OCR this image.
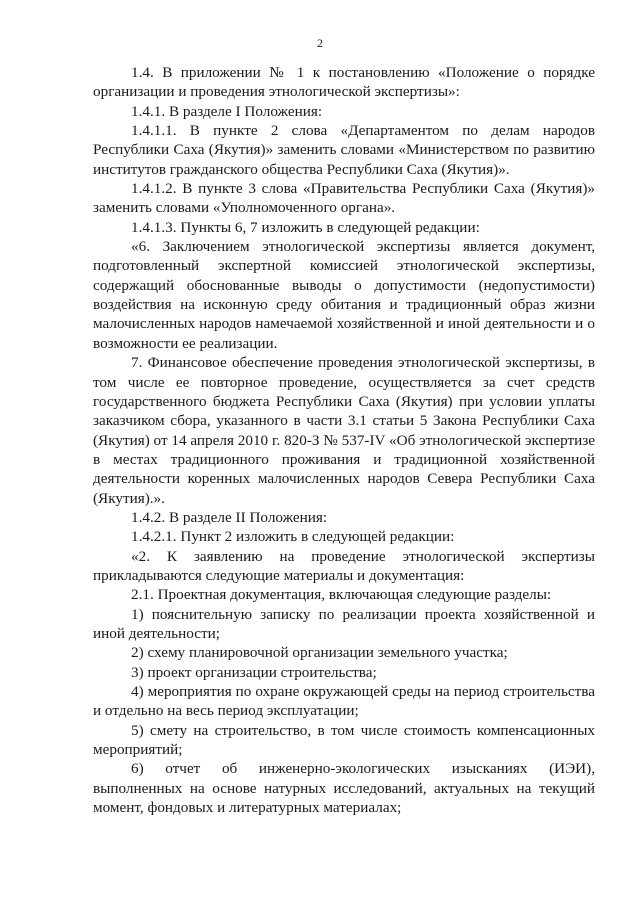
2

1.4. В приложении № 1 к постановлению «Положение о порядке организации и проведения этнологической экспертизы»:

1.4.1. В разделе I Положения:

1.4.1.1. В пункте 2 слова «Департаментом по делам народов Республики Саха (Якутия)» заменить словами «Министерством по развитию институтов гражданского общества Республики Саха (Якутия)».

1.4.1.2. В пункте 3 слова «Правительства Республики Саха (Якутия)» заменить словами «Уполномоченного органа».

1.4.1.3. Пункты 6, 7 изложить в следующей редакции:

«6. Заключением этнологической экспертизы является документ, подготовленный экспертной комиссией этнологической экспертизы, содержащий обоснованные выводы о допустимости (недопустимости) воздействия на исконную среду обитания и традиционный образ жизни малочисленных народов намечаемой хозяйственной и иной деятельности и о возможности ее реализации.

7. Финансовое обеспечение проведения этнологической экспертизы, в том числе ее повторное проведение, осуществляется за счет средств государственного бюджета Республики Саха (Якутия) при условии уплаты заказчиком сбора, указанного в части 3.1 статьи 5 Закона Республики Саха (Якутия) от 14 апреля 2010 г. 820-З № 537-IV «Об этнологической экспертизе в местах традиционного проживания и традиционной хозяйственной деятельности коренных малочисленных народов Севера Республики Саха (Якутия).».

1.4.2. В разделе II Положения:

1.4.2.1. Пункт 2 изложить в следующей редакции:

«2. К заявлению на проведение этнологической экспертизы прикладываются следующие материалы и документация:

2.1. Проектная документация, включающая следующие разделы:

1) пояснительную записку по реализации проекта хозяйственной и иной деятельности;

2) схему планировочной организации земельного участка;

3) проект организации строительства;

4) мероприятия по охране окружающей среды на период строительства и отдельно на весь период эксплуатации;

5) смету на строительство, в том числе стоимость компенсационных мероприятий;

6) отчет об инженерно-экологических изысканиях (ИЭИ), выполненных на основе натурных исследований, актуальных на текущий момент, фондовых и литературных материалах;
